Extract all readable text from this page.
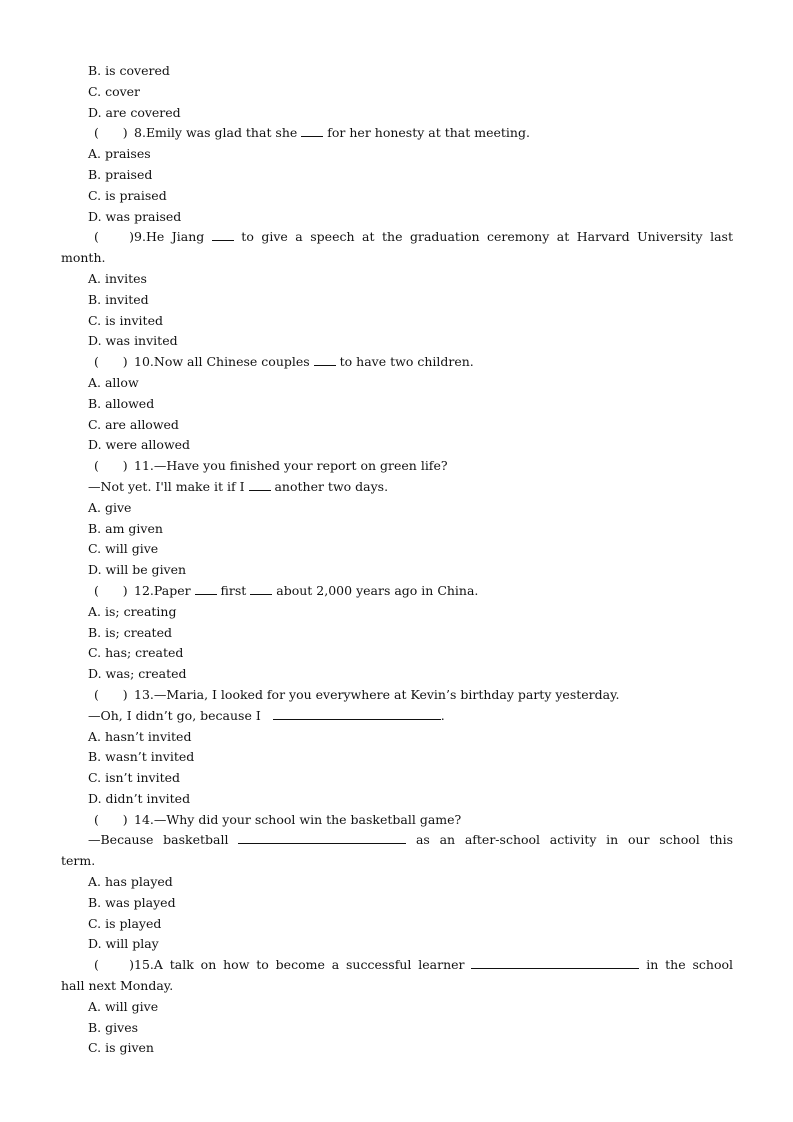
B. is covered
C. cover
D. are covered
( ) 8.Emily was glad that she for her honesty at that meeting.
A. praises
B. praised
C. is praised
D. was praised
( )9.He Jiang	to give a speech at the graduation ceremony at Harvard University last
month.
A. invites
B. invited
C. is invited
D. was invited
( ) 10.Now all Chinese couples to have two children.
A. allow
B. allowed
C. are allowed
D. were allowed
( ) 11.—Have you finished your report on green life?
—Not yet. I'll make it if I another two days.
A. give
B. am given
C. will give
D. will be given
( ) 12.Paper first about 2,000 years ago in China.
A. is; creating
B. is; created
C. has; created
D. was; created
( ) 13.—Maria, I looked for you everywhere at Kevin’s birthday party yesterday.
—Oh, I didn’t go, because I	.
A. hasn’t invited
B. wasn’t invited
C. isn’t invited
D. didn’t invited
( ) 14.—Why did your school win the basketball game?
—Because basketball	as an after-school activity in our school this
term.
A. has played
B. was played
C. is played
D. will play
( )15.A talk on how to become a successful learner	in the school
hall next Monday.
A. will give
B. gives
C. is given
